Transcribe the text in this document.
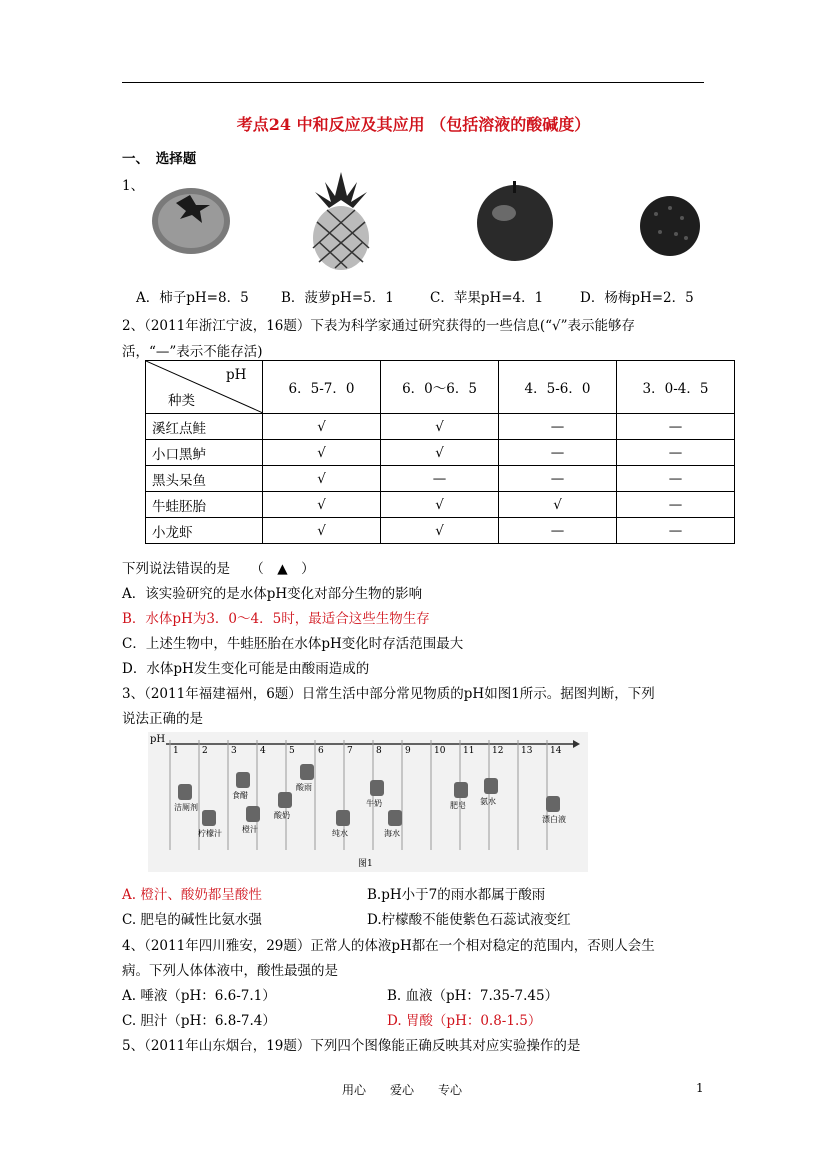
考点24 中和反应及其应用 （包括溶液的酸碱度）
一、　选择题
1、
A．柿子pH=8．5 B．菠萝pH=5．1	C．苹果pH=4．1	D．杨梅pH=2．5
2、（2011年浙江宁波，16题）下表为科学家通过研究获得的一些信息(“√”表示能够存
活，“—”表示不能存活)
pH
种类	6．5-7．0	6．0～6．5	4．5-6．0	3．0-4．5
溪红点鲑	√	√	—	—
小口黑鲈	√	√	—	—
黑头呆鱼	√	—	—	—
牛蛙胚胎	√	√	√	—
小龙虾	√	√	—	—
下列说法错误的是　　（　▲　）
A．该实验研究的是水体pH变化对部分生物的影响
B．水体pH为3．0～4．5时，最适合这些生物生存
C．上述生物中，牛蛙胚胎在水体pH变化时存活范围最大
D．水体pH发生变化可能是由酸雨造成的
3、（2011年福建福州，6题）日常生活中部分常见物质的pH如图1所示。据图判断，下列
说法正确的是
pH
1	2	3	4	5	6	7	8	9	10 11 12 13 14
洁厕剂
柠檬汁
食醋
橙汁
酸奶
酸雨
纯水
牛奶
海水
肥皂 氨水
漂白液
图1
A. 橙汁、酸奶都呈酸性	B.pH小于7的雨水都属于酸雨
C. 肥皂的碱性比氨水强	D.柠檬酸不能使紫色石蕊试液变红
4、（2011年四川雅安，29题）正常人的体液pH都在一个相对稳定的范围内，否则人会生
病。下列人体体液中，酸性最强的是
A. 唾液（pH：6.6-7.1）	B. 血液（pH：7.35-7.45）
C. 胆汁（pH：6.8-7.4）	D. 胃酸（pH：0.8-1.5）
5、（2011年山东烟台，19题）下列四个图像能正确反映其对应实验操作的是
用心　　爱心　　专心	1
